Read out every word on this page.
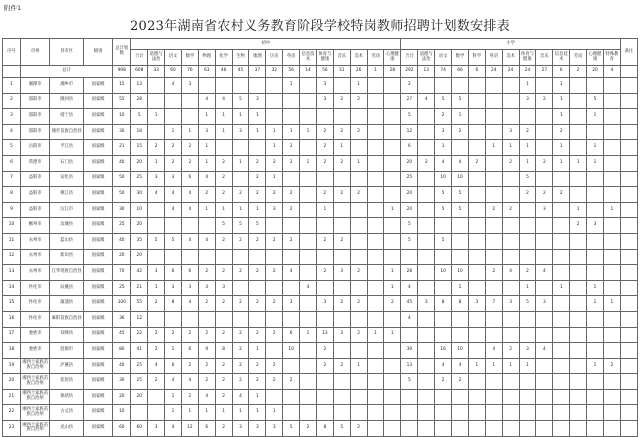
附件1
2023年湖南省农村义务教育阶段学校特岗教师招聘计划数安排表
序号	市州	县市区	级别	总计划数	初中																小学													备注
					合计	道德与法治	语文	数学	物理	化学	生物	地理	历史	英语	信息技术	体育与健康	音乐	美术	劳动	心理健康	合计	道德与法治	语文	数学	科学	英语	美术	体育与健康	音乐	信息技术	劳动	心理健康	特殊教育	
	总计			908	608	33	60	76	63	46	45	37	32	56	14	56	31	26	1	28	292	13	74	66	6	24	24	24	27	6	2	20	4	
1	湘潭市	湘乡市	国家级	15	13		4	3						1		3		1			2							1		1				
2	邵阳市	隆回县	国家级	55	28				4	4	5	3				3	2	2			27	4	5	5				3	2	1		5		
3	邵阳市	绥宁县	国家级	10	5	1			1	1	1	1									5		2	1						1		1		
4	邵阳市	城步苗族自治县	国家级	30	18		1	1	3	1	3	1	1	1	1	2	2	2			12		3	2			3	2		2				
5	岳阳市	平江县	国家级	21	15	2	2	2	1				1	2		2	1				6		1			1	1	1		1		1		
6	常德市	石门县	国家级	40	20	1	2	2	1	2	1	2	2	2	1	2	2	1			20	2	4	4	2		2	1	2	1	1	1		
7	益阳市	安化县	国家级	50	25	3	3	6	4	2		2	1								25		10	10				5						
8	益阳市	桃江县	国家级	50	30	4	4	4	2	2	2	2	2	2		2	2	2			20		5	5				2	2	2				
9	益阳市	沅江市	国家级	30	10		4	4	1	1	1	1	3	2		1				1	20		5	5		2	2		3		1		1	
10	郴州市	汝城县	国家级	25	20					5	5	5									5										2	3		
11	永州市	蓝山县	国家级	40	35	5	5	4	4	2	2	2	2	2		2	2				5		5											
12	永州市	新田县	国家级	20	20																													
13	永州市	江华瑶族自治县	国家级	70	42	3	6	6	2	2	2	2	2	4		2	3	2		1	28		10	10		2	4	2	4					
14	怀化市	辰溪县	国家级	25	21	1	3	3	3	3					4					1	4			1				1		1		1		
15	怀化市	溆浦县	国家级	100	55	2	8	4	2	2	2	2	2	3		3	2	2		2	45	3	8	8	3	7	3	5	3			1	1	
16	怀化市	麻阳苗族自治县	国家级	36	12																4													
17	娄底市	双峰县	国家级	45	22	2	2	2	2	2	2	2	2	6	1	13	3	2	1	1														
18	娄底市	涟源市	国家级	80	41	2	1	6	9	8	2	1		10		2					39		16	10		4	2	3	4					
19	湘西土家族苗族自治州	泸溪县	国家级	40	25	4	6	2	2	2	2	2	2			2	2	1			13		4	4	1	1	1	1				1	2	
20	湘西土家族苗族自治州	花垣县	国家级	30	25	2	4	4	2	2	2	2	2	2							5		2	2										
21	湘西土家族苗族自治州	保靖县	国家级	20	20		1	2	4	2	4	1																						
22	湘西土家族苗族自治州	古丈县	国家级	10			1	1	1	1	1	1	1																					
23	湘西土家族苗族自治州	龙山县	国家级	60	60	3	4	12	6	2	3	3	3	5	2	8	5	2																
